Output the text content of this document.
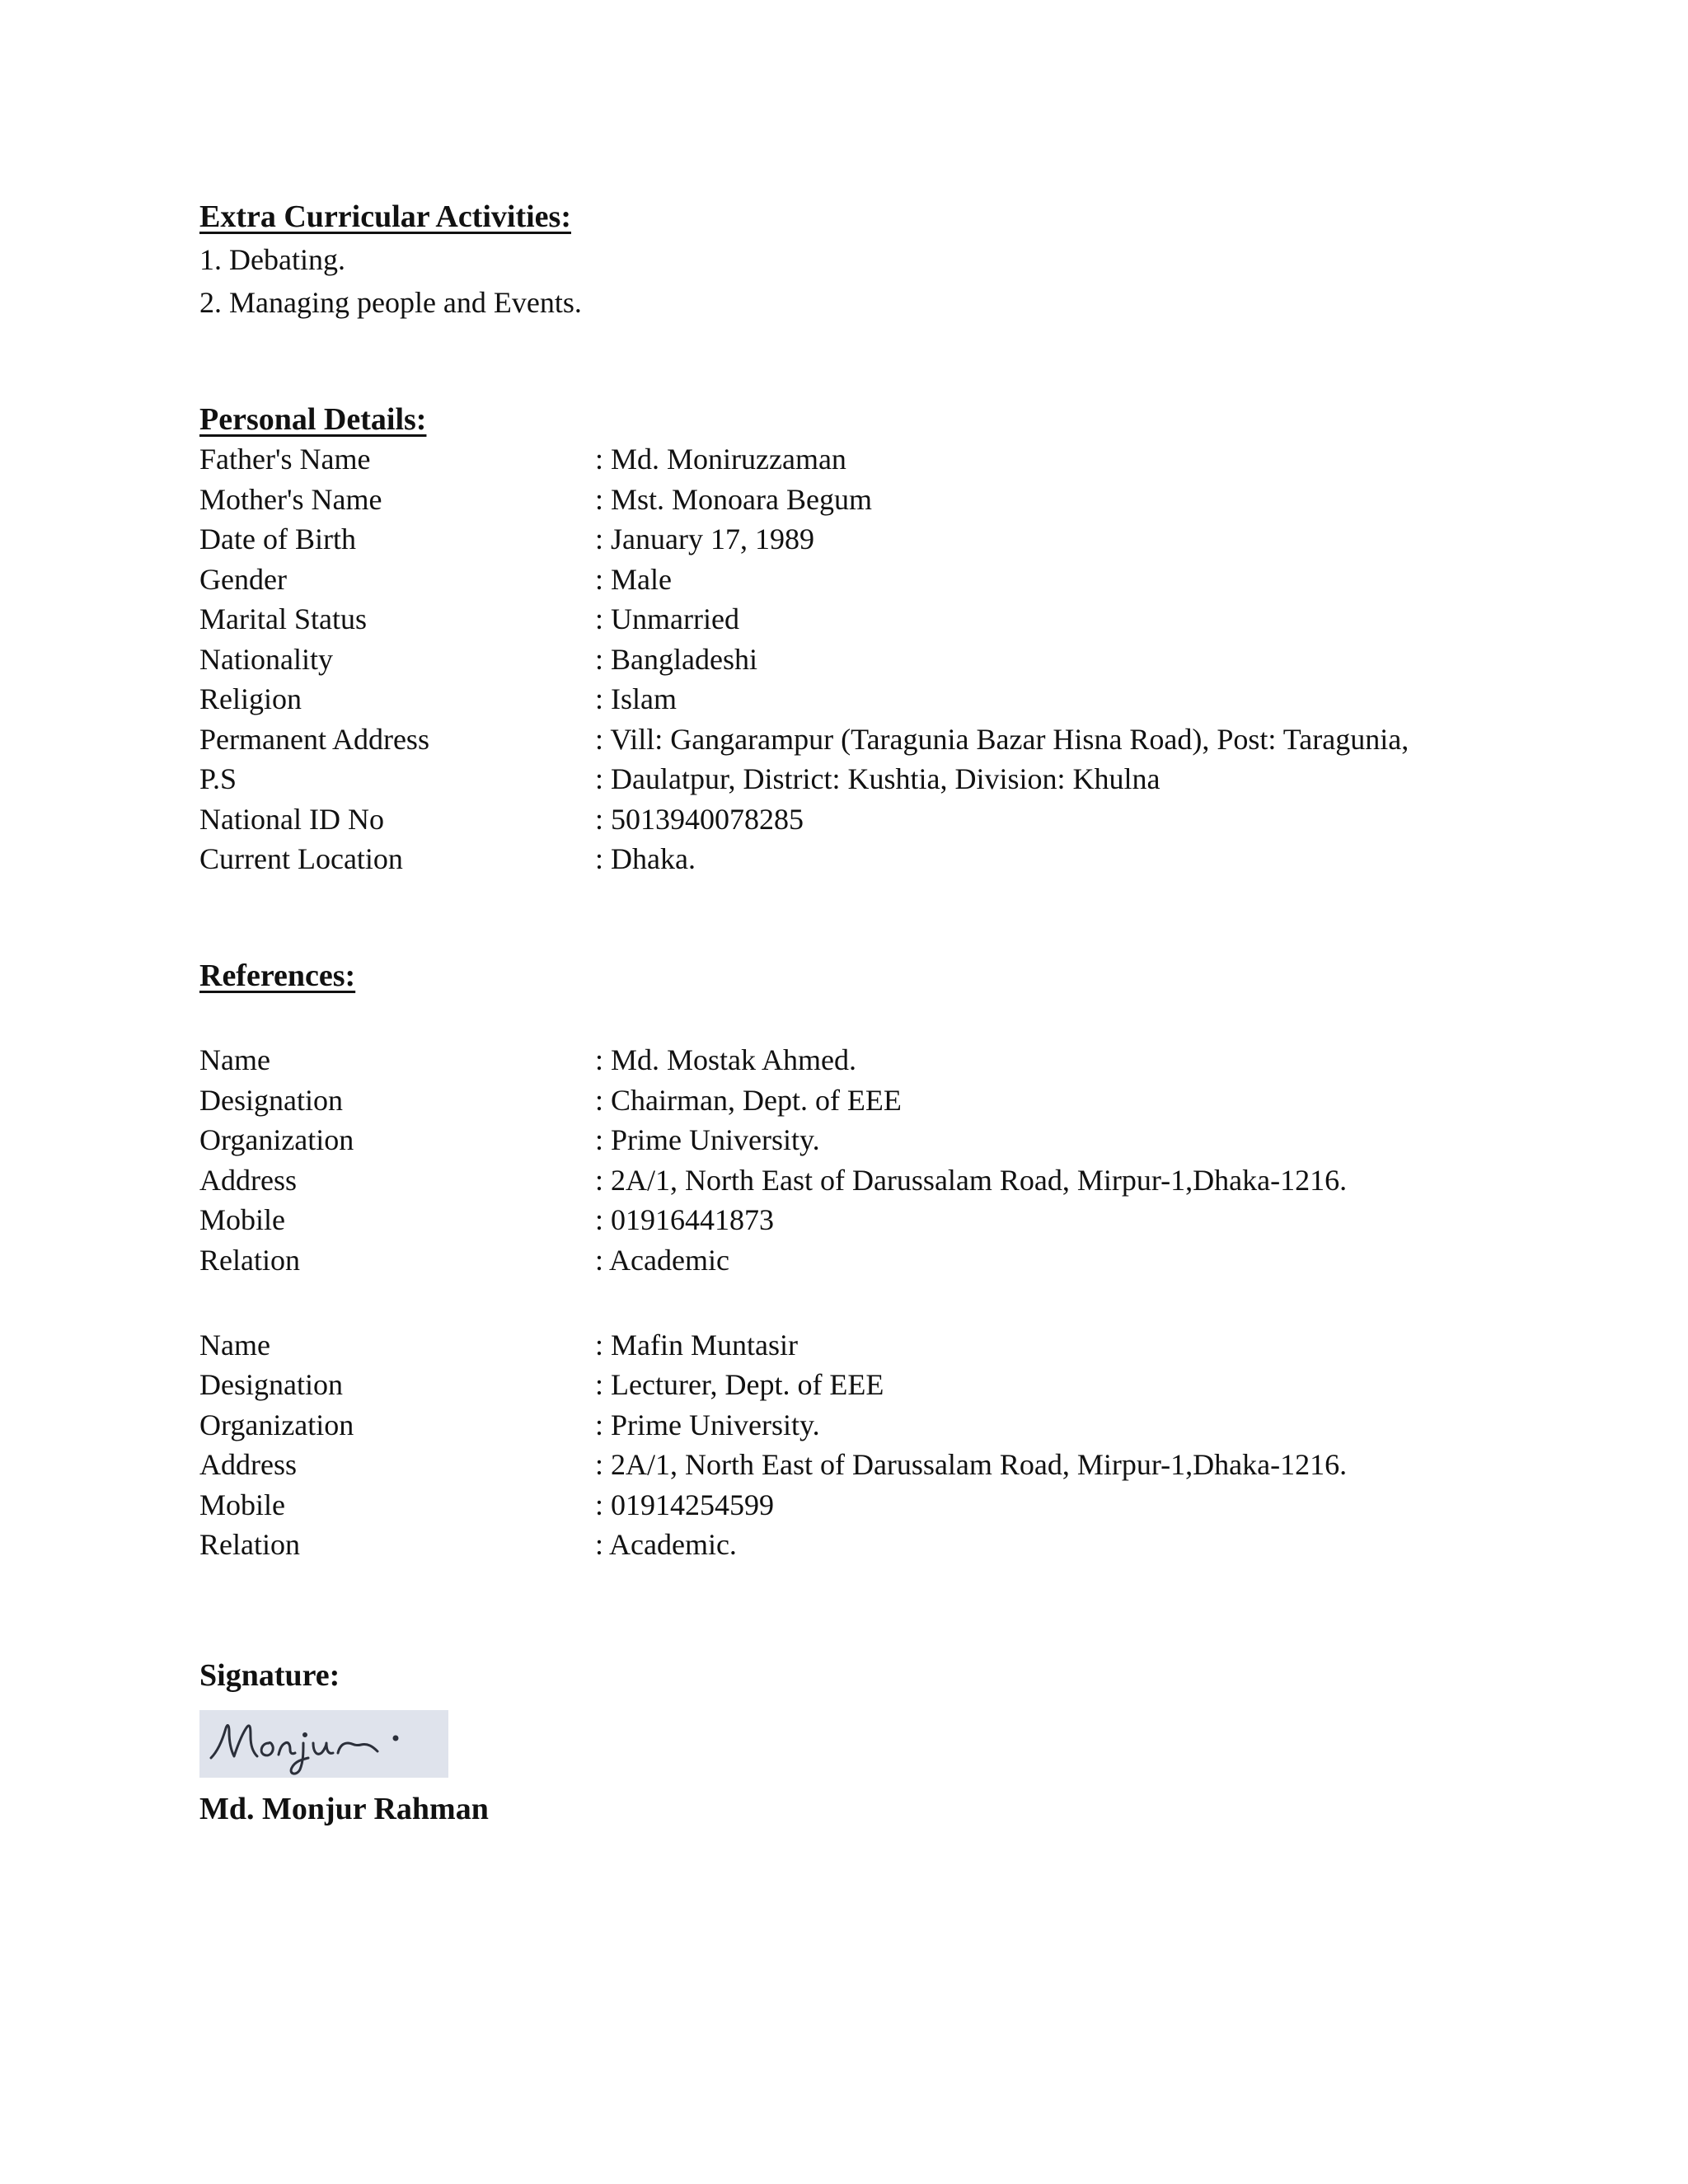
Extra Curricular Activities:
1. Debating.
2. Managing people and Events.
Personal Details:
Father's Name	: Md. Moniruzzaman
Mother's Name	: Mst. Monoara Begum
Date of Birth	: January 17, 1989
Gender	: Male
Marital Status	: Unmarried
Nationality	: Bangladeshi
Religion	: Islam
Permanent Address	: Vill: Gangarampur (Taragunia Bazar Hisna Road), Post: Taragunia,
P.S	: Daulatpur, District: Kushtia, Division: Khulna
National ID No	: 5013940078285
Current Location	: Dhaka.
References:
Name	: Md. Mostak Ahmed.
Designation	: Chairman, Dept. of EEE
Organization	: Prime University.
Address	: 2A/1, North East of Darussalam Road, Mirpur-1,Dhaka-1216.
Mobile	: 01916441873
Relation	: Academic
Name	: Mafin Muntasir
Designation	: Lecturer, Dept. of EEE
Organization	: Prime University.
Address	: 2A/1, North East of Darussalam Road, Mirpur-1,Dhaka-1216.
Mobile	: 01914254599
Relation	: Academic.
Signature:
Md. Monjur Rahman
